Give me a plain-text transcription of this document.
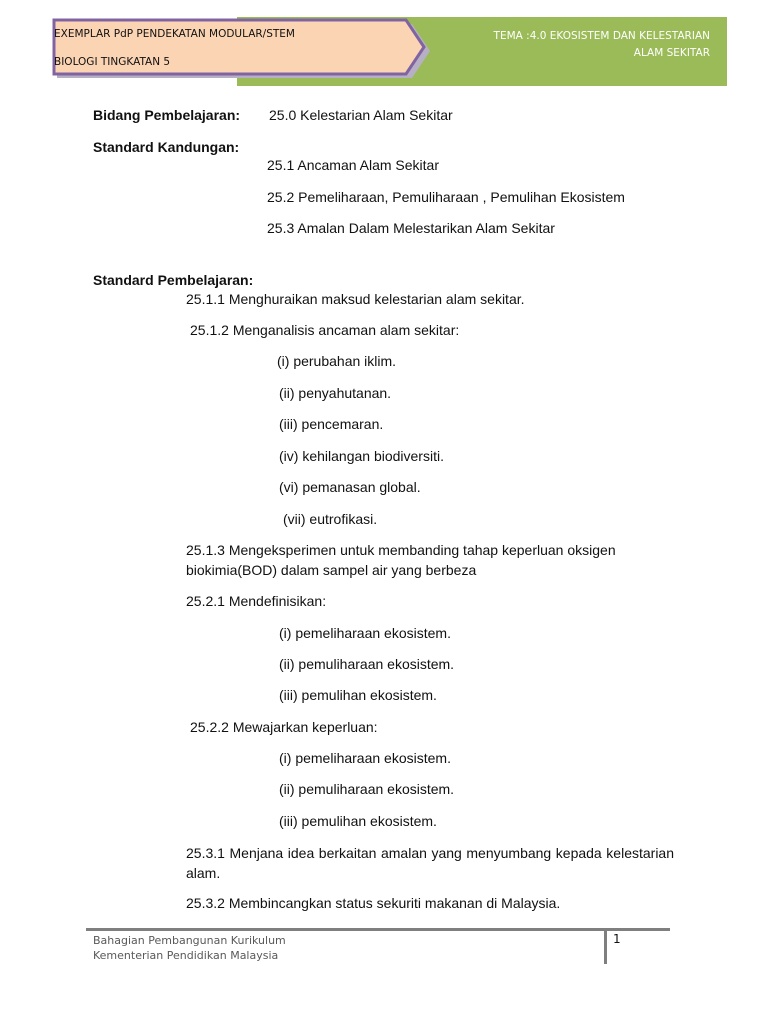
TEMA :4.0 EKOSISTEM DAN KELESTARIAN
ALAM SEKITAR
EXEMPLAR PdP PENDEKATAN MODULAR/STEM
BIOLOGI TINGKATAN 5
Bidang Pembelajaran: 25.0 Kelestarian Alam Sekitar
Standard Kandungan:
25.1 Ancaman Alam Sekitar
25.2 Pemeliharaan, Pemuliharaan , Pemulihan Ekosistem
25.3 Amalan Dalam Melestarikan Alam Sekitar
Standard Pembelajaran:
25.1.1 Menghuraikan maksud kelestarian alam sekitar.
25.1.2 Menganalisis ancaman alam sekitar:
(i) perubahan iklim.
(ii) penyahutanan.
(iii) pencemaran.
(iv) kehilangan biodiversiti.
(vi) pemanasan global.
(vii) eutrofikasi.
25.1.3 Mengeksperimen untuk membanding tahap keperluan oksigen biokimia(BOD) dalam sampel air yang berbeza
25.2.1 Mendefinisikan:
(i) pemeliharaan ekosistem.
(ii) pemuliharaan ekosistem.
(iii) pemulihan ekosistem.
25.2.2 Mewajarkan keperluan:
(i) pemeliharaan ekosistem.
(ii) pemuliharaan ekosistem.
(iii) pemulihan ekosistem.
25.3.1 Menjana idea berkaitan amalan yang menyumbang kepada kelestarian alam.
25.3.2 Membincangkan status sekuriti makanan di Malaysia.
Bahagian Pembangunan Kurikulum
Kementerian Pendidikan Malaysia
1
